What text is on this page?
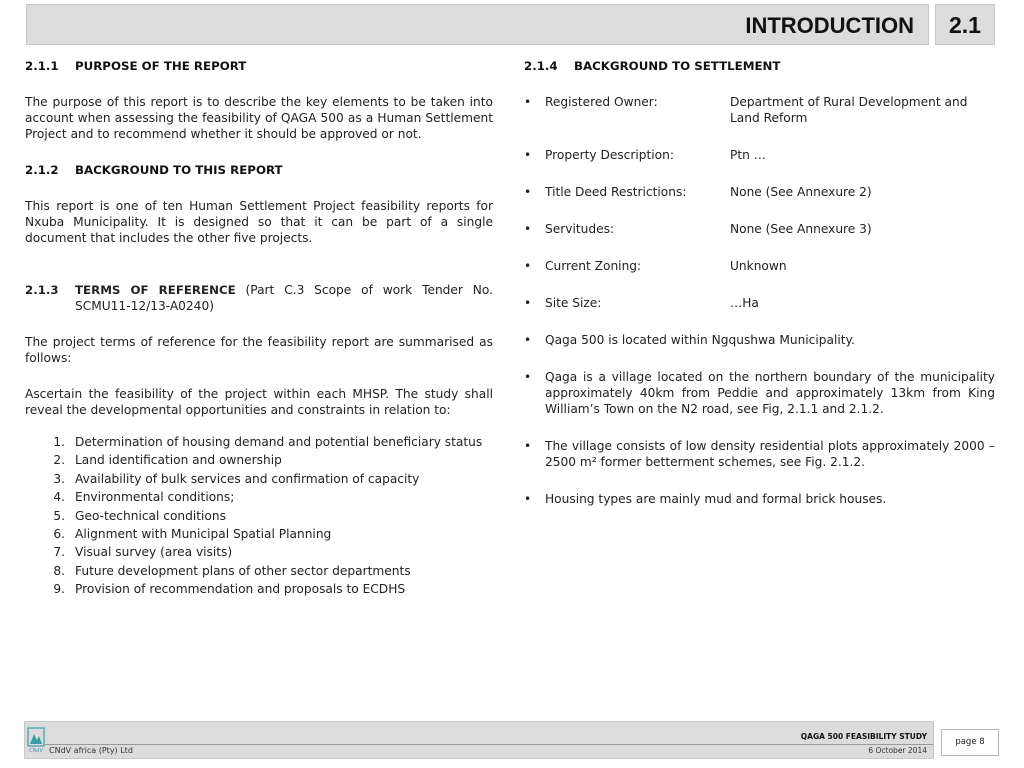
INTRODUCTION	2.1
2.1.1	PURPOSE OF THE REPORT

The purpose of this report is to describe the key elements to be taken into account when assessing the feasibility of QAGA 500 as a Human Settlement Project and to recommend whether it should be approved or not.

2.1.2	BACKGROUND TO THIS REPORT

This report is one of ten Human Settlement Project feasibility reports for Nxuba Municipality. It is designed so that it can be part of a single document that includes the other five projects.

2.1.3	TERMS OF REFERENCE (Part C.3 Scope of work Tender No. SCMU11-12/13-A0240)

The project terms of reference for the feasibility report are summarised as follows:

Ascertain the feasibility of the project within each MHSP. The study shall reveal the developmental opportunities and constraints in relation to:

1. Determination of housing demand and potential beneficiary status
2. Land identification and ownership
3. Availability of bulk services and confirmation of capacity
4. Environmental conditions;
5. Geo-technical conditions
6. Alignment with Municipal Spatial Planning
7. Visual survey (area visits)
8. Future development plans of other sector departments
9. Provision of recommendation and proposals to ECDHS
2.1.4	BACKGROUND TO SETTLEMENT
•	Registered Owner:	Department of Rural Development and Land Reform
•	Property Description:	Ptn …
•	Title Deed Restrictions:	None (See Annexure 2)
•	Servitudes:	None (See Annexure 3)
•	Current Zoning:	Unknown
•	Site Size:	…Ha
•	Qaga 500 is located within Ngqushwa Municipality.
•	Qaga is a village located on the northern boundary of the municipality approximately 40km from Peddie and approximately 13km from King William’s Town on the N2 road, see Fig, 2.1.1 and 2.1.2.
•	The village consists of low density residential plots approximately 2000 – 2500 m² former betterment schemes, see Fig. 2.1.2.
•	Housing types are mainly mud and formal brick houses.
CNdV CNdV africa (Pty) Ltd
QAGA 500 FEASIBILITY STUDY
6 October 2014
page 8
